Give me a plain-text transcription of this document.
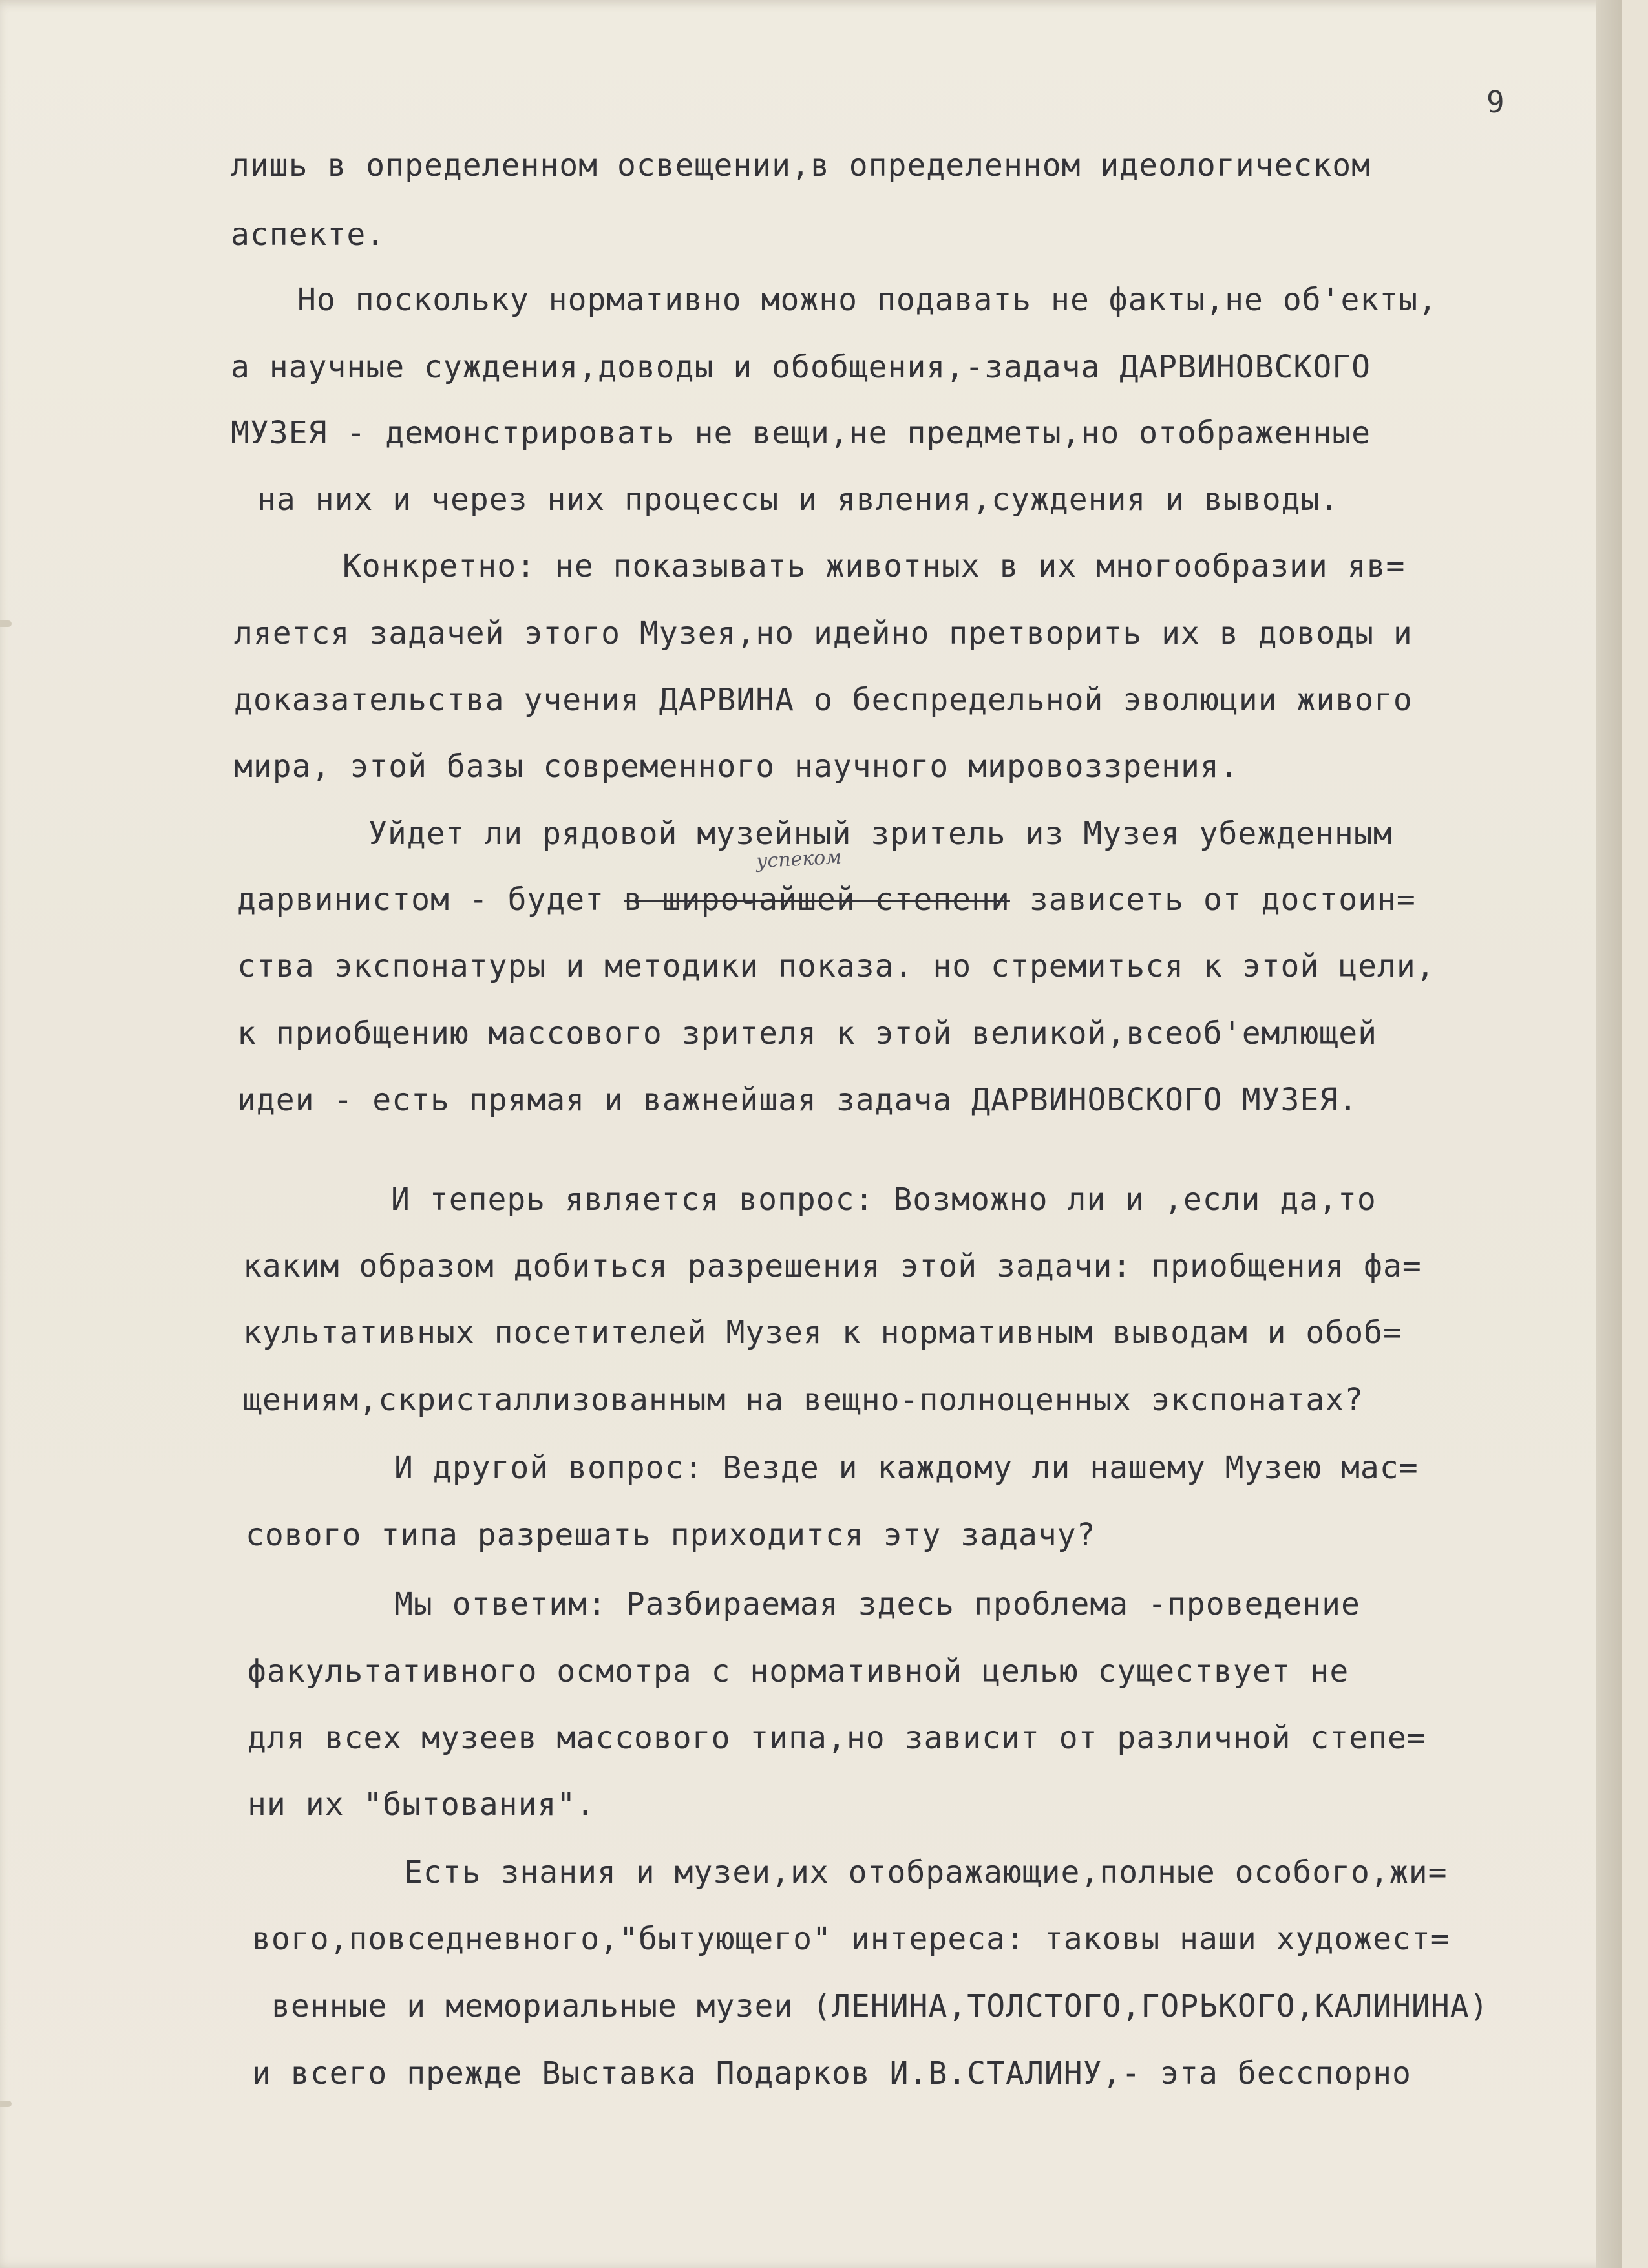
9
лишь в определенном освещении,в определенном идеологическом
аспекте.
Но поскольку нормативно можно подавать не факты,не об'екты,
а научные суждения,доводы и обобщения,-задача ДАРВИНОВСКОГО
МУЗЕЯ - демонстрировать не вещи,не предметы,но отображенные
на них и через них процессы и явления,суждения и выводы.
Конкретно: не показывать животных в их многообразии яв=
ляется задачей этого Музея,но идейно претворить их в доводы и
доказательства учения ДАРВИНА о беспредельной эволюции живого
мира, этой базы современного научного мировоззрения.
Уйдет ли рядовой музейный зритель из Музея убежденным
успеком
дарвинистом - будет в широчайшей степени зависеть от достоин=
ства экспонатуры и методики показа. но стремиться к этой цели,
к приобщению массового зрителя к этой великой,всеоб'емлющей
идеи - есть прямая и важнейшая задача ДАРВИНОВСКОГО МУЗЕЯ.
И теперь является вопрос: Возможно ли и ,если да,то
каким образом добиться разрешения этой задачи: приобщения фа=
культативных посетителей Музея к нормативным выводам и обоб=
щениям,скристаллизованным на вещно-полноценных экспонатах?
И другой вопрос: Везде и каждому ли нашему Музею мас=
сового типа разрешать приходится эту задачу?
Мы ответим: Разбираемая здесь проблема -проведение
факультативного осмотра с нормативной целью существует не
для всех музеев массового типа,но зависит от различной степе=
ни их "бытования".
Есть знания и музеи,их отображающие,полные особого,жи=
вого,повседневного,"бытующего" интереса: таковы наши художест=
венные и мемориальные музеи (ЛЕНИНА,ТОЛСТОГО,ГОРЬКОГО,КАЛИНИНА)
и всего прежде Выставка Подарков И.В.СТАЛИНУ,- эта бесспорно
